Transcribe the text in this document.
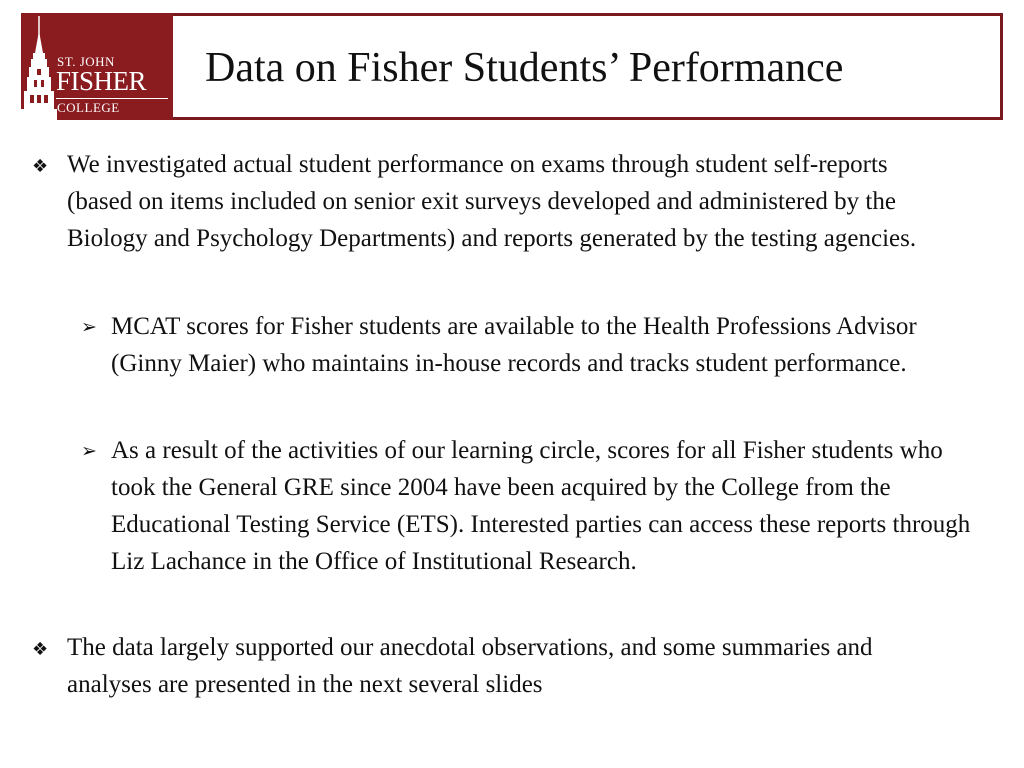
ST. JOHN
FISHER
COLLEGE
Data on Fisher Students’ Performance
❖ We investigated actual student performance on exams through student self-reports (based on items included on senior exit surveys developed and administered by the Biology and Psychology Departments) and reports generated by the testing agencies.
➢ MCAT scores for Fisher students are available to the Health Professions Advisor (Ginny Maier) who maintains in-house records and tracks student performance.
➢ As a result of the activities of our learning circle, scores for all Fisher students who took the General GRE since 2004 have been acquired by the College from the Educational Testing Service (ETS). Interested parties can access these reports through Liz Lachance in the Office of Institutional Research.
❖ The data largely supported our anecdotal observations, and some summaries and analyses are presented in the next several slides
